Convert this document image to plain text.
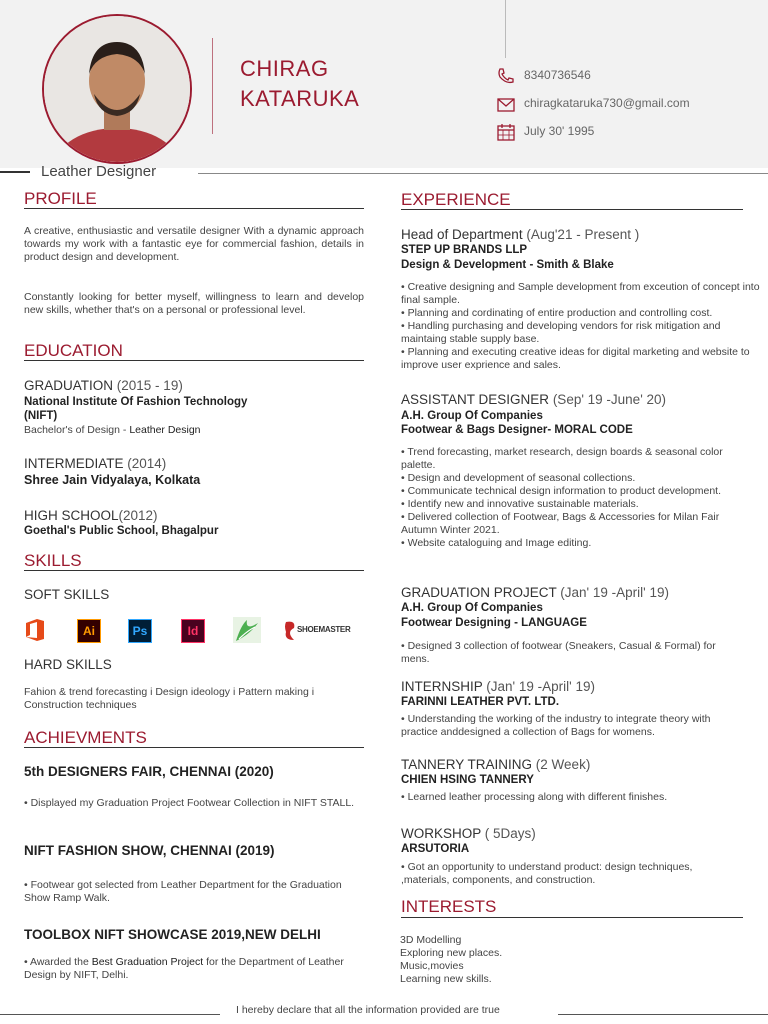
CHIRAG
KATARUKA
8340736546
chiragkataruka730@gmail.com
July 30' 1995
Leather Designer
PROFILE
A creative, enthusiastic and versatile designer With a dynamic approach towards my work with a fantastic eye for commercial fashion, details in product design and development.
Constantly looking for better myself, willingness to learn and develop new skills, whether that's on a personal or professional level.
EDUCATION
GRADUATION (2015 - 19)
National Institute Of Fashion Technology
(NIFT)
Bachelor's of Design - Leather Design
INTERMEDIATE (2014)
Shree Jain Vidyalaya, Kolkata
HIGH SCHOOL(2012)
Goethal's Public School, Bhagalpur
SKILLS
SOFT SKILLS
Ai	Ps	Id	SHOEMASTER
HARD SKILLS
Fahion & trend forecasting i Design ideology i Pattern making i Construction techniques
ACHIEVMENTS
5th DESIGNERS FAIR, CHENNAI (2020)
• Displayed my Graduation Project Footwear Collection in NIFT STALL.
NIFT FASHION SHOW, CHENNAI (2019)
• Footwear got selected from Leather Department for the Graduation Show Ramp Walk.
TOOLBOX NIFT SHOWCASE 2019,NEW DELHI
• Awarded the Best Graduation Project for the Department of Leather Design by NIFT, Delhi.
EXPERIENCE
Head of Department (Aug'21 - Present )
STEP UP BRANDS LLP
Design & Development - Smith & Blake
• Creative designing and Sample development from exceution of concept into final sample.
• Planning and cordinating of entire production and controlling cost.
• Handling purchasing and developing vendors for risk mitigation and maintaing stable supply base.
• Planning and executing creative ideas for digital marketing and website to improve user exprience and sales.
ASSISTANT DESIGNER (Sep' 19 -June' 20)
A.H. Group Of Companies
Footwear & Bags Designer- MORAL CODE
• Trend forecasting, market research, design boards & seasonal color palette.
• Design and development of seasonal collections.
• Communicate technical design information to product development.
• Identify new and innovative sustainable materials.
• Delivered collection of Footwear, Bags & Accessories for Milan Fair Autumn Winter 2021.
• Website cataloguing and Image editing.
GRADUATION PROJECT (Jan' 19 -April' 19)
A.H. Group Of Companies
Footwear Designing - LANGUAGE
• Designed 3 collection of footwear (Sneakers, Casual & Formal) for mens.
INTERNSHIP (Jan' 19 -April' 19)
FARINNI LEATHER PVT. LTD.
• Understanding the working of the industry to integrate theory with practice anddesigned a collection of Bags for womens.
TANNERY TRAINING (2 Week)
CHIEN HSING TANNERY
• Learned leather processing along with different finishes.
WORKSHOP ( 5Days)
ARSUTORIA
• Got an opportunity to understand product: design techniques, ,materials, components, and construction.
INTERESTS
3D Modelling
Exploring new places.
Music,movies
Learning new skills.
I hereby declare that all the information provided are true
